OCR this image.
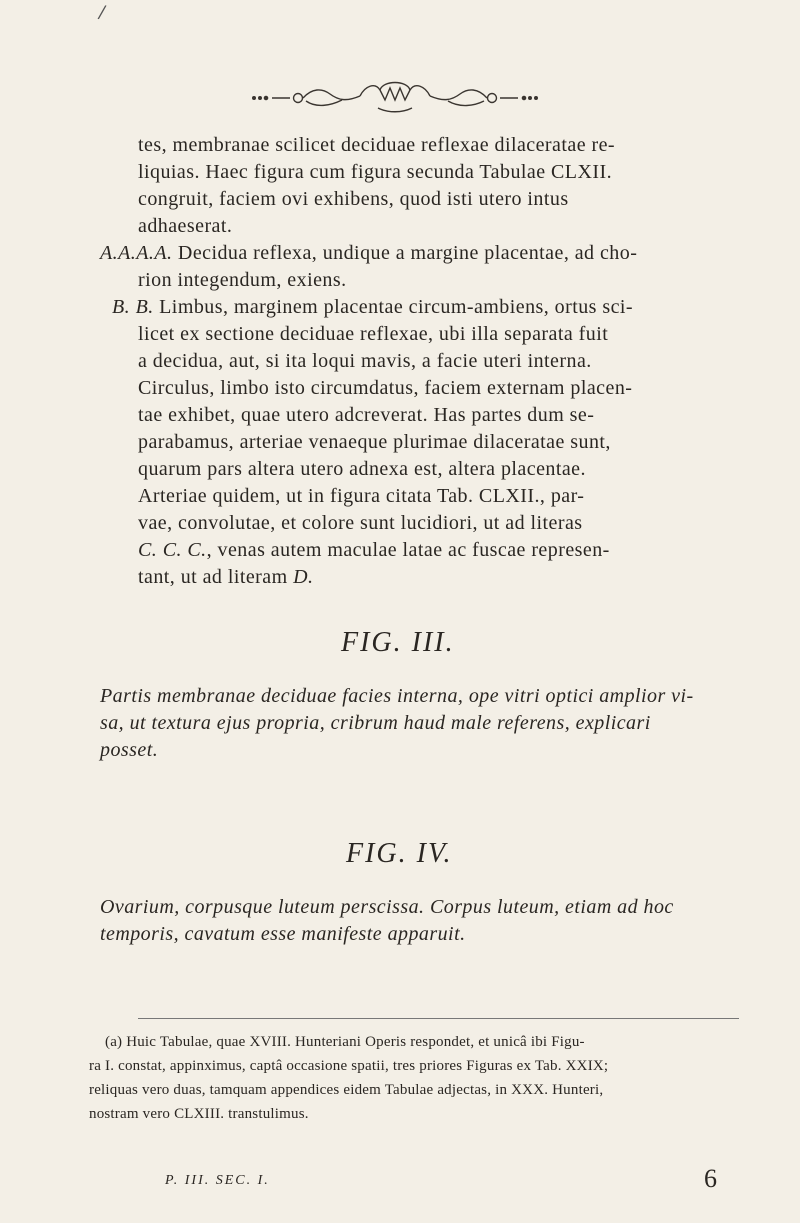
/
tes, membranae scilicet deciduae reflexae dilaceratae re-
liquias. Haec figura cum figura secunda Tabulae CLXII.
congruit, faciem ovi exhibens, quod isti utero intus
adhaeserat.
A.A.A.A. Decidua reflexa, undique a margine placentae, ad cho-
rion integendum, exiens.
B. B. Limbus, marginem placentae circum-ambiens, ortus sci-
licet ex sectione deciduae reflexae, ubi illa separata fuit
a decidua, aut, si ita loqui mavis, a facie uteri interna.
Circulus, limbo isto circumdatus, faciem externam placen-
tae exhibet, quae utero adcreverat. Has partes dum se-
parabamus, arteriae venaeque plurimae dilaceratae sunt,
quarum pars altera utero adnexa est, altera placentae.
Arteriae quidem, ut in figura citata Tab. CLXII., par-
vae, convolutae, et colore sunt lucidiori, ut ad literas
C. C. C., venas autem maculae latae ac fuscae represen-
tant, ut ad literam D.
FIG. III.
Partis membranae deciduae facies interna, ope vitri optici amplior vi-
sa, ut textura ejus propria, cribrum haud male referens, explicari
posset.
FIG. IV.
Ovarium, corpusque luteum perscissa. Corpus luteum, etiam ad hoc
temporis, cavatum esse manifeste apparuit.
(a) Huic Tabulae, quae XVIII. Hunteriani Operis respondet, et unicâ ibi Figu-
ra I. constat, appinximus, captâ occasione spatii, tres priores Figuras ex Tab. XXIX;
reliquas vero duas, tamquam appendices eidem Tabulae adjectas, in XXX. Hunteri,
nostram vero CLXIII. transtulimus.
P. III. SEC. I.	6
